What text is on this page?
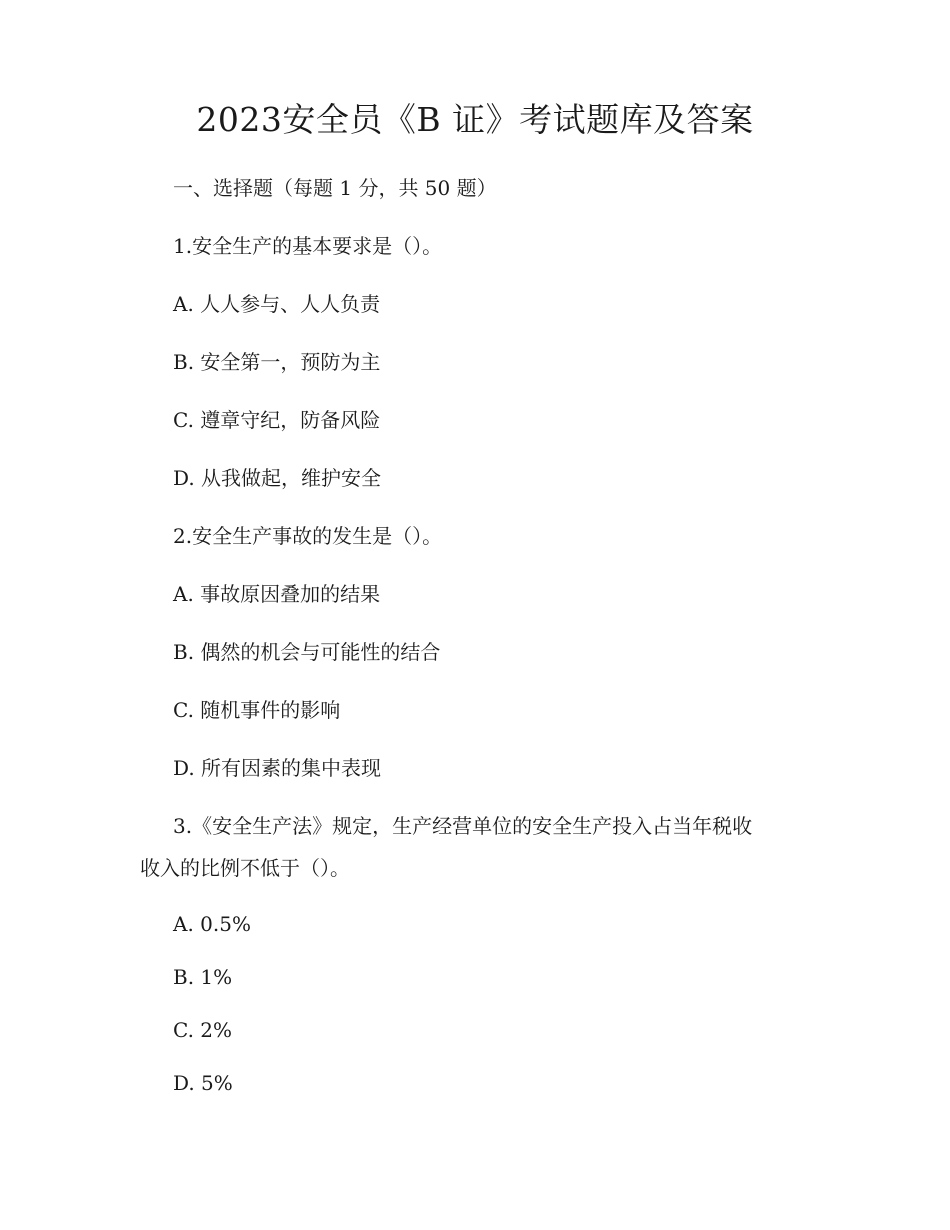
2023安全员《B 证》考试题库及答案
一、选择题（每题 1 分，共 50 题）
1.安全生产的基本要求是（）。
A. 人人参与、人人负责
B. 安全第一，预防为主
C. 遵章守纪，防备风险
D. 从我做起，维护安全
2.安全生产事故的发生是（）。
A. 事故原因叠加的结果
B. 偶然的机会与可能性的结合
C. 随机事件的影响
D. 所有因素的集中表现
3.《安全生产法》规定，生产经营单位的安全生产投入占当年税收
收入的比例不低于（）。
A. 0.5%
B. 1%
C. 2%
D. 5%
